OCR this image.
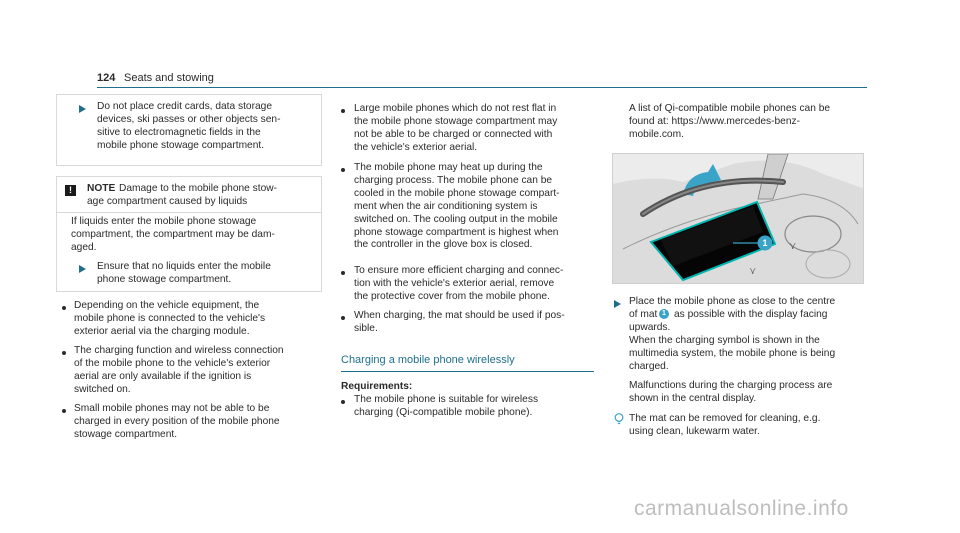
124 Seats and stowing
Do not place credit cards, data storage
devices, ski passes or other objects sen-
sitive to electromagnetic fields in the
mobile phone stowage compartment.
!	NOTE Damage to the mobile phone stow-
age compartment caused by liquids
If liquids enter the mobile phone stowage
compartment, the compartment may be dam-
aged.
Ensure that no liquids enter the mobile
phone stowage compartment.
Depending on the vehicle equipment, the
mobile phone is connected to the vehicle's
exterior aerial via the charging module.
The charging function and wireless connection
of the mobile phone to the vehicle's exterior
aerial are only available if the ignition is
switched on.
Small mobile phones may not be able to be
charged in every position of the mobile phone
stowage compartment.
Large mobile phones which do not rest flat in
the mobile phone stowage compartment may
not be able to be charged or connected with
the vehicle's exterior aerial.
The mobile phone may heat up during the
charging process. The mobile phone can be
cooled in the mobile phone stowage compart-
ment when the air conditioning system is
switched on. The cooling output in the mobile
phone stowage compartment is highest when
the controller in the glove box is closed.
To ensure more efficient charging and connec-
tion with the vehicle's exterior aerial, remove
the protective cover from the mobile phone.
When charging, the mat should be used if pos-
sible.
Charging a mobile phone wirelessly
Requirements:
The mobile phone is suitable for wireless
charging (Qi-compatible mobile phone).
A list of Qi-compatible mobile phones can be
found at: https://www.mercedes-benz-
mobile.com.
⋎
⋎
1
Place the mobile phone as close to the centre
of mat 1 as possible with the display facing
upwards.
When the charging symbol is shown in the
multimedia system, the mobile phone is being
charged.
Malfunctions during the charging process are
shown in the central display.
The mat can be removed for cleaning, e.g.
using clean, lukewarm water.
carmanualsonline.info
